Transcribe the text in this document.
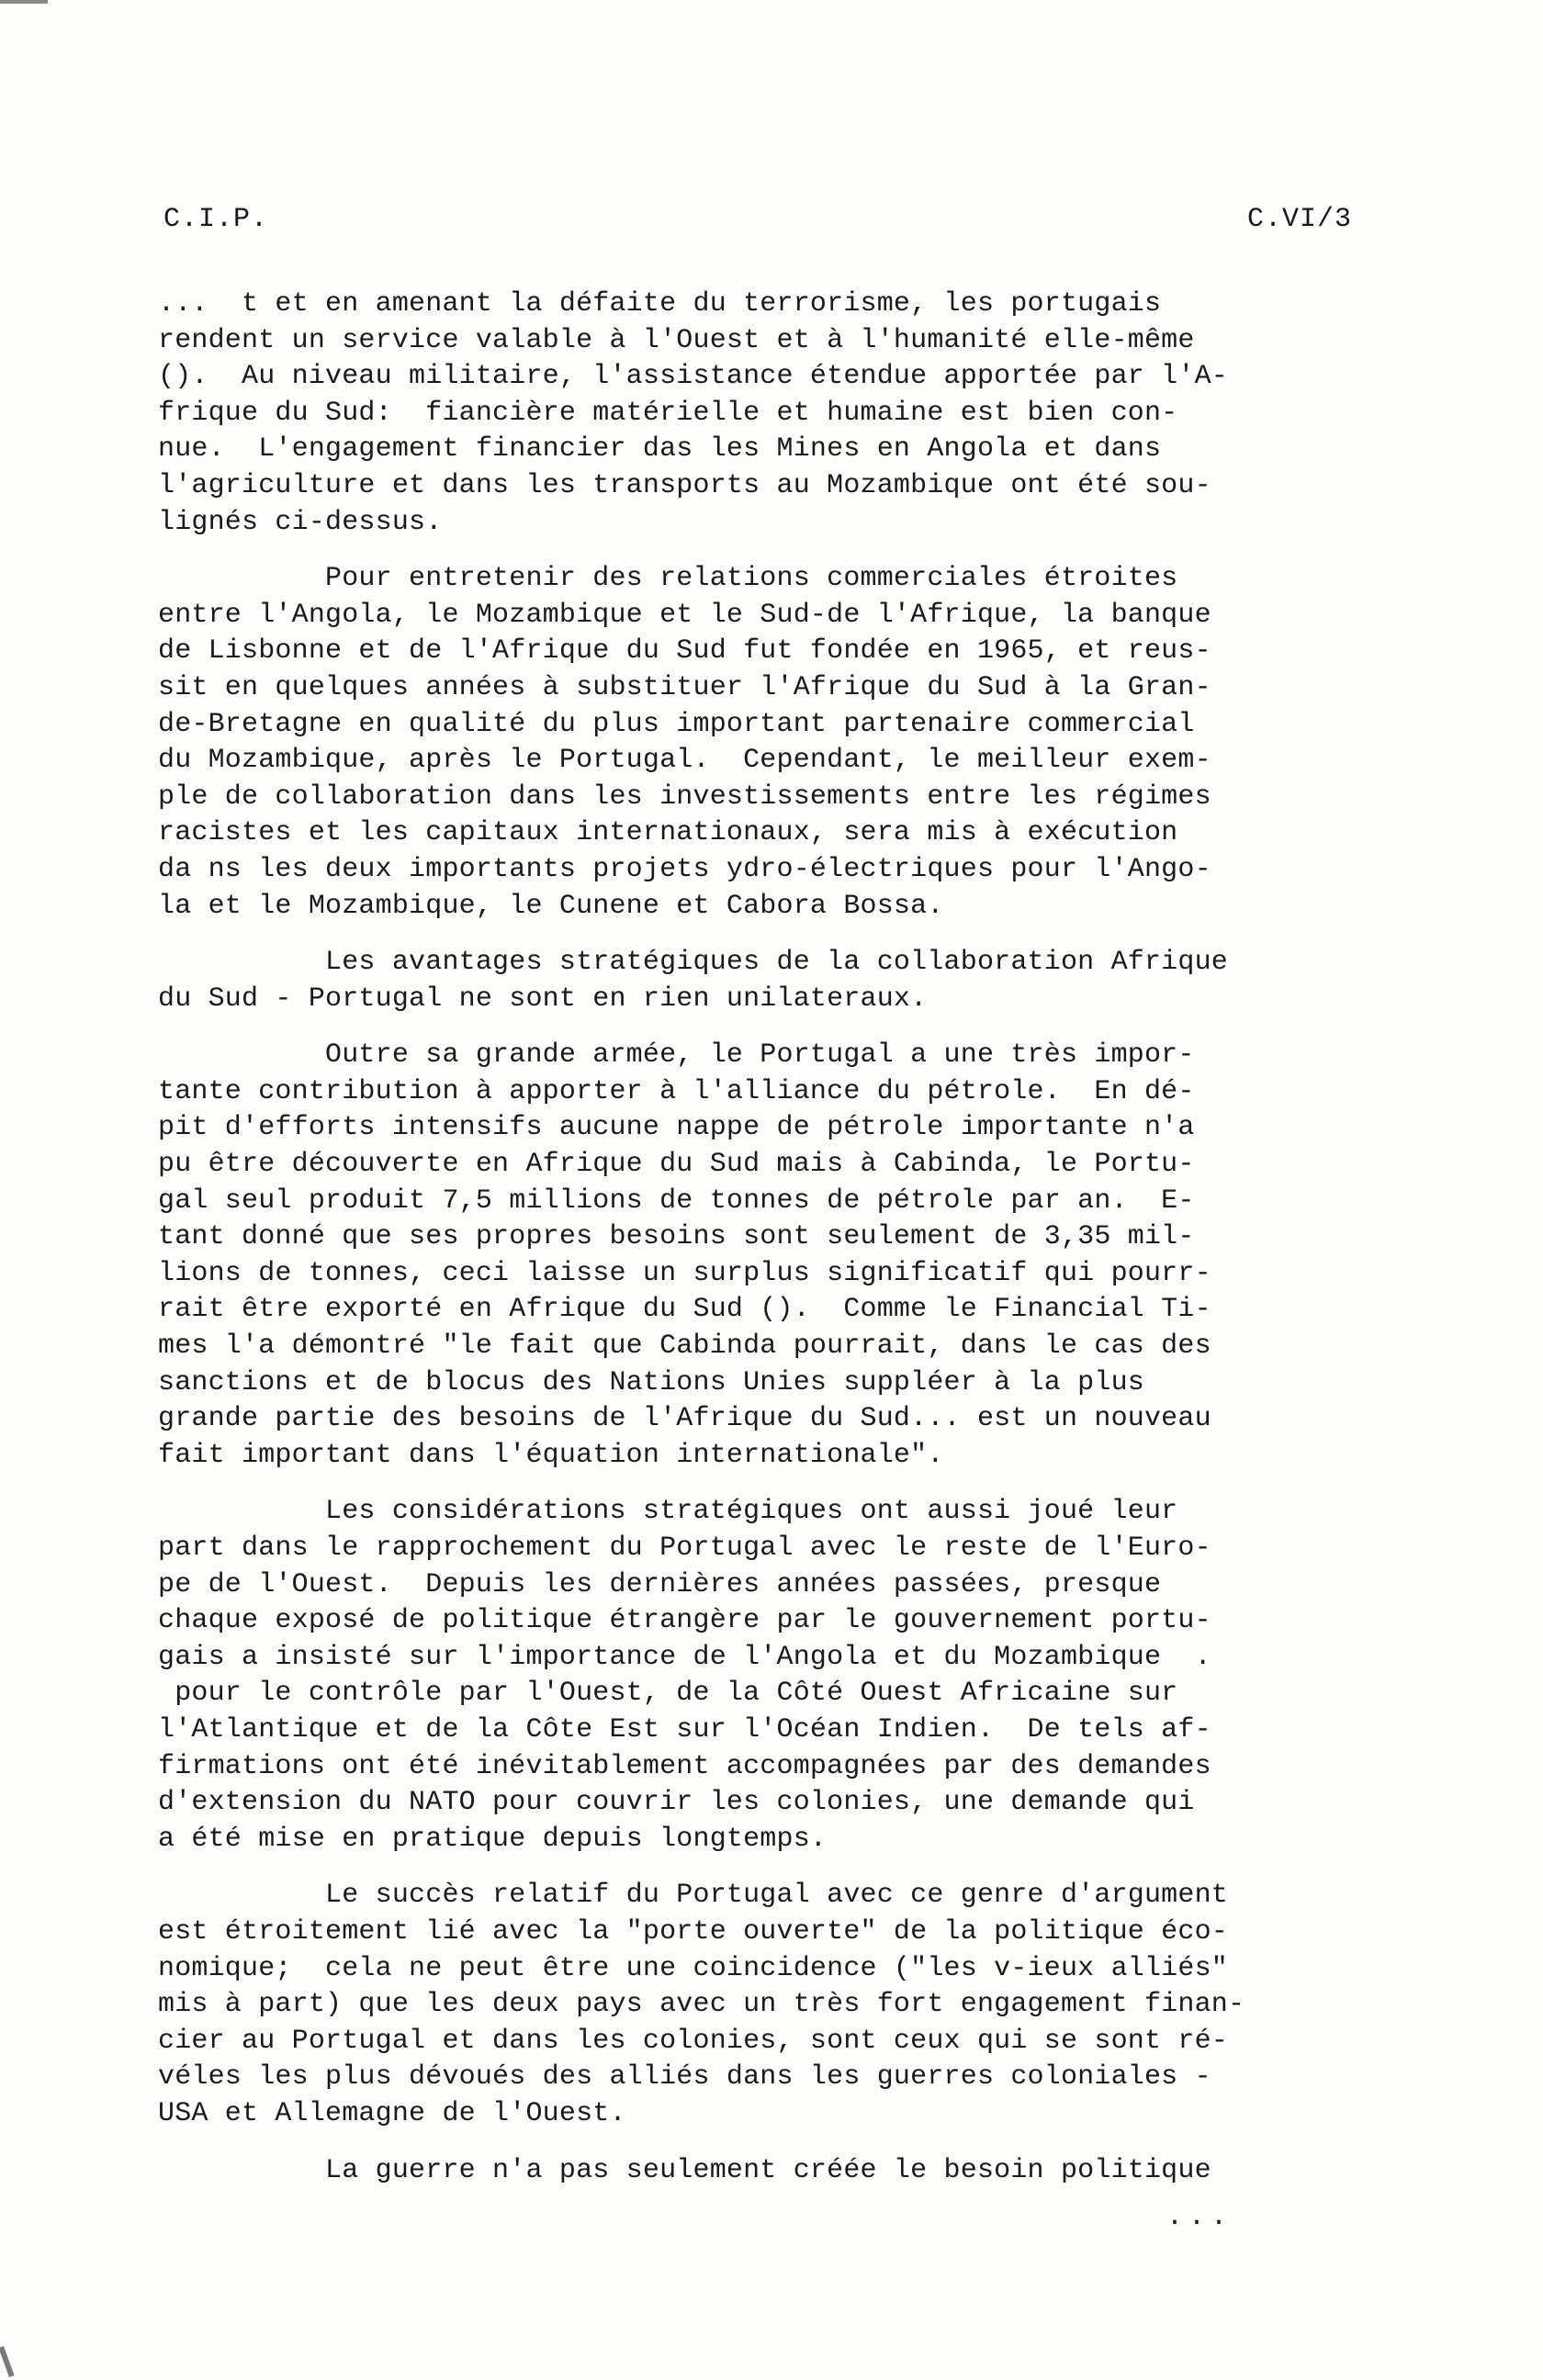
C.I.P.	C.VI/3
...  t et en amenant la défaite du terrorisme, les portugais
rendent un service valable à l'Ouest et à l'humanité elle-même
().  Au niveau militaire, l'assistance étendue apportée par l'A-
frique du Sud:  fiancière matérielle et humaine est bien con-
nue.  L'engagement financier das les Mines en Angola et dans
l'agriculture et dans les transports au Mozambique ont été sou-
lignés ci-dessus.
Pour entretenir des relations commerciales étroites
entre l'Angola, le Mozambique et le Sud-de l'Afrique, la banque
de Lisbonne et de l'Afrique du Sud fut fondée en 1965, et reus-
sit en quelques années à substituer l'Afrique du Sud à la Gran-
de-Bretagne en qualité du plus important partenaire commercial
du Mozambique, après le Portugal.  Cependant, le meilleur exem-
ple de collaboration dans les investissements entre les régimes
racistes et les capitaux internationaux, sera mis à exécution
da ns les deux importants projets ydro-électriques pour l'Ango-
la et le Mozambique, le Cunene et Cabora Bossa.
Les avantages stratégiques de la collaboration Afrique
du Sud - Portugal ne sont en rien unilateraux.
Outre sa grande armée, le Portugal a une très impor-
tante contribution à apporter à l'alliance du pétrole.  En dé-
pit d'efforts intensifs aucune nappe de pétrole importante n'a
pu être découverte en Afrique du Sud mais à Cabinda, le Portu-
gal seul produit 7,5 millions de tonnes de pétrole par an.  E-
tant donné que ses propres besoins sont seulement de 3,35 mil-
lions de tonnes, ceci laisse un surplus significatif qui pourr-
rait être exporté en Afrique du Sud ().  Comme le Financial Ti-
mes l'a démontré "le fait que Cabinda pourrait, dans le cas des
sanctions et de blocus des Nations Unies suppléer à la plus
grande partie des besoins de l'Afrique du Sud... est un nouveau
fait important dans l'équation internationale".
Les considérations stratégiques ont aussi joué leur
part dans le rapprochement du Portugal avec le reste de l'Euro-
pe de l'Ouest.  Depuis les dernières années passées, presque
chaque exposé de politique étrangère par le gouvernement portu-
gais a insisté sur l'importance de l'Angola et du Mozambique  .
pour le contrôle par l'Ouest, de la Côté Ouest Africaine sur
l'Atlantique et de la Côte Est sur l'Océan Indien.  De tels af-
firmations ont été inévitablement accompagnées par des demandes
d'extension du NATO pour couvrir les colonies, une demande qui
a été mise en pratique depuis longtemps.
Le succès relatif du Portugal avec ce genre d'argument
est étroitement lié avec la "porte ouverte" de la politique éco-
nomique;  cela ne peut être une coincidence ("les v-ieux alliés"
mis à part) que les deux pays avec un très fort engagement finan-
cier au Portugal et dans les colonies, sont ceux qui se sont ré-
véles les plus dévoués des alliés dans les guerres coloniales -
USA et Allemagne de l'Ouest.
La guerre n'a pas seulement créée le besoin politique
...
